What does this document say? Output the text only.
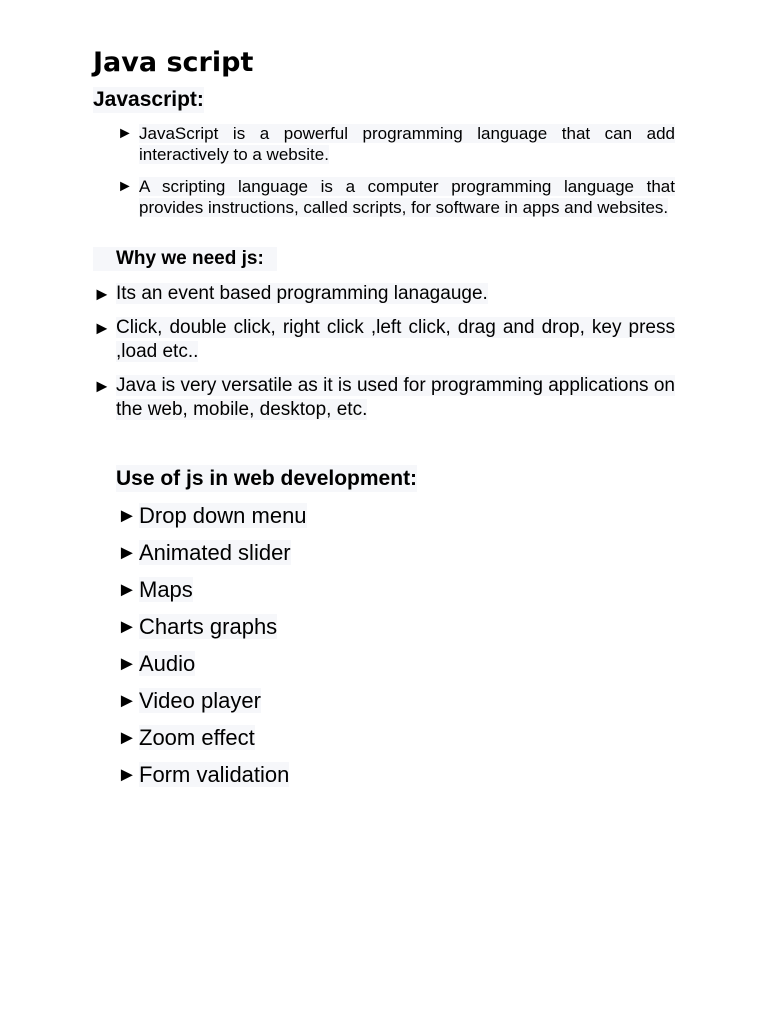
Java script
Javascript:
► JavaScript is a powerful programming language that can add interactively to a website.
► A scripting language is a computer programming language that provides instructions, called scripts, for software in apps and websites.
Why we need js:
► Its an event based programming lanagauge.
► Click, double click, right click ,left click, drag and drop, key press ,load etc..
► Java is very versatile as it is used for programming applications on the web, mobile, desktop, etc.
Use of js in web development:
► Drop down menu
► Animated slider
► Maps
► Charts graphs
► Audio
► Video player
► Zoom effect
► Form validation
